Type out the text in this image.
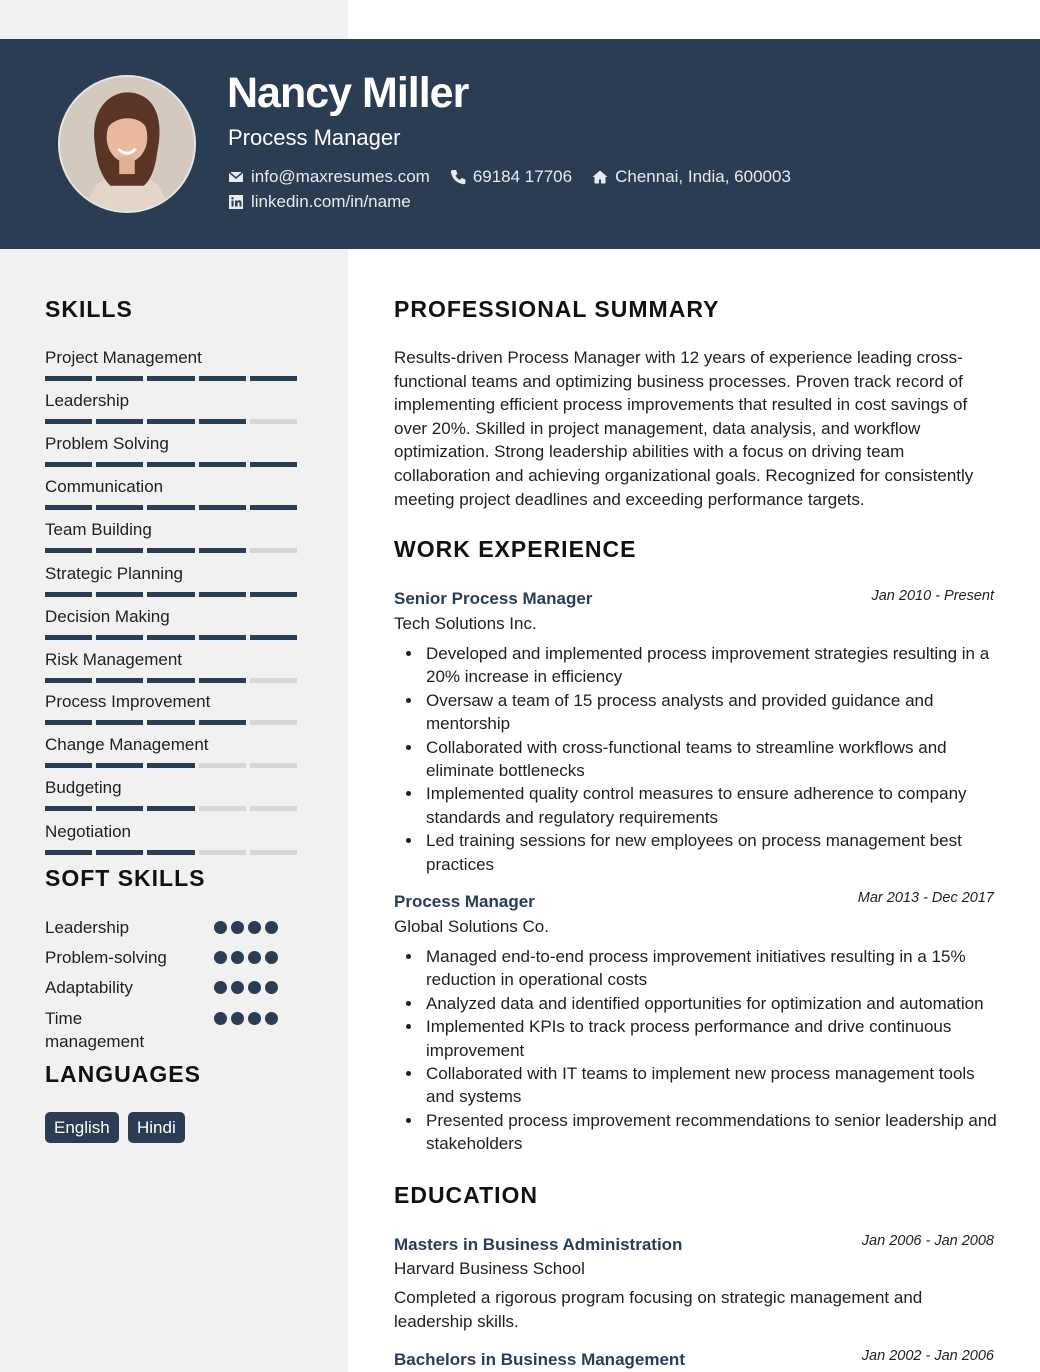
Nancy Miller
Process Manager
info@maxresumes.com	69184 17706	Chennai, India, 600003
linkedin.com/in/name
SKILLS
Project Management
Leadership
Problem Solving
Communication
Team Building
Strategic Planning
Decision Making
Risk Management
Process Improvement
Change Management
Budgeting
Negotiation
SOFT SKILLS
Leadership
Problem-solving
Adaptability
Time management
LANGUAGES
English	Hindi
PROFESSIONAL SUMMARY
Results-driven Process Manager with 12 years of experience leading cross-functional teams and optimizing business processes. Proven track record of implementing efficient process improvements that resulted in cost savings of over 20%. Skilled in project management, data analysis, and workflow optimization. Strong leadership abilities with a focus on driving team collaboration and achieving organizational goals. Recognized for consistently meeting project deadlines and exceeding performance targets.
WORK EXPERIENCE
Senior Process Manager	Jan 2010 - Present
Tech Solutions Inc.
Developed and implemented process improvement strategies resulting in a 20% increase in efficiency
Oversaw a team of 15 process analysts and provided guidance and mentorship
Collaborated with cross-functional teams to streamline workflows and eliminate bottlenecks
Implemented quality control measures to ensure adherence to company standards and regulatory requirements
Led training sessions for new employees on process management best practices
Process Manager	Mar 2013 - Dec 2017
Global Solutions Co.
Managed end-to-end process improvement initiatives resulting in a 15% reduction in operational costs
Analyzed data and identified opportunities for optimization and automation
Implemented KPIs to track process performance and drive continuous improvement
Collaborated with IT teams to implement new process management tools and systems
Presented process improvement recommendations to senior leadership and stakeholders
EDUCATION
Masters in Business Administration	Jan 2006 - Jan 2008
Harvard Business School
Completed a rigorous program focusing on strategic management and leadership skills.
Bachelors in Business Management	Jan 2002 - Jan 2006
